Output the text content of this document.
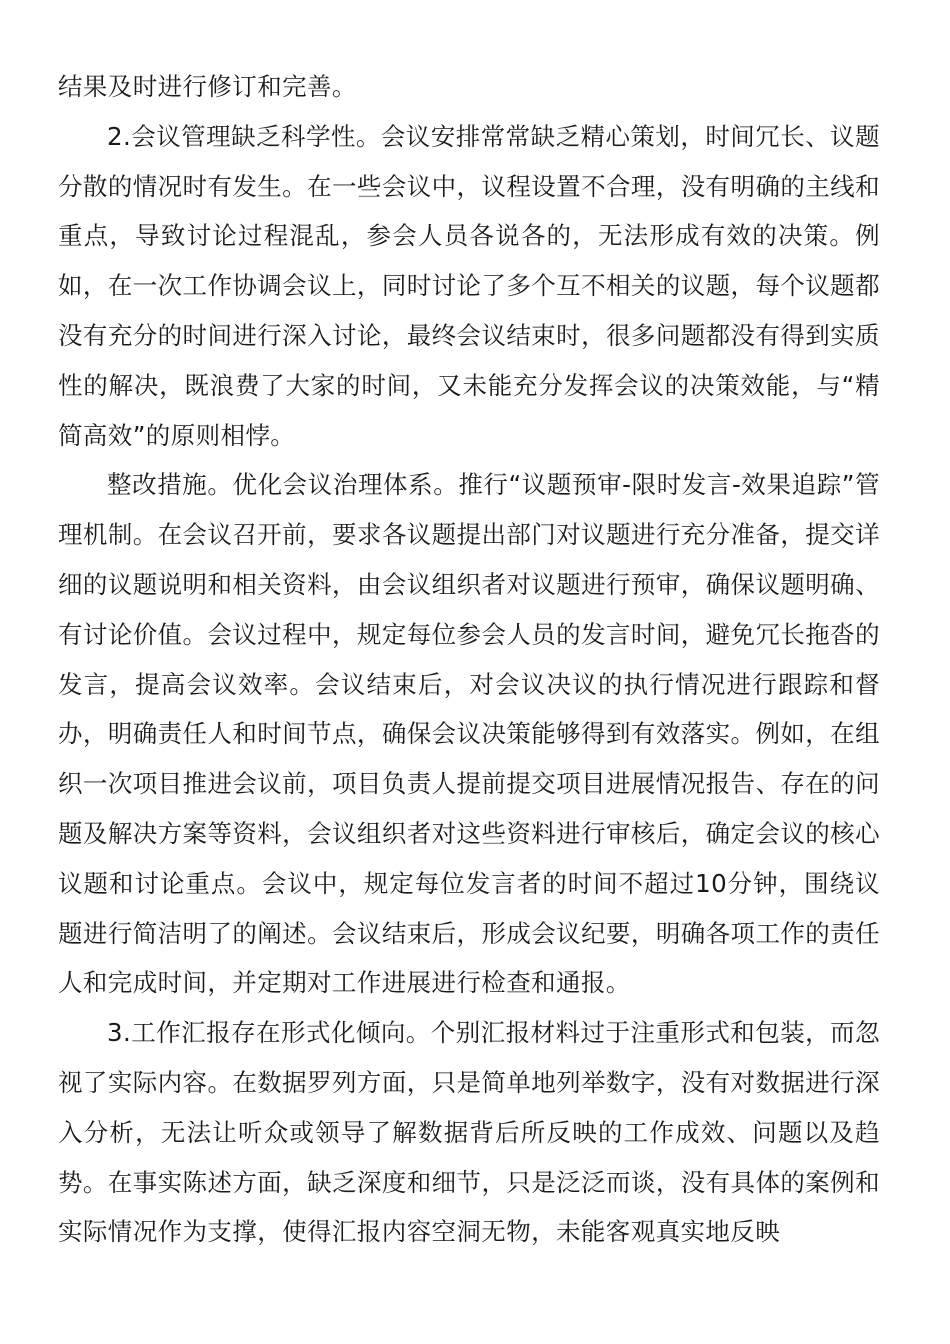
结果及时进行修订和完善。

2.会议管理缺乏科学性。会议安排常常缺乏精心策划，时间冗长、议题分散的情况时有发生。在一些会议中，议程设置不合理，没有明确的主线和重点，导致讨论过程混乱，参会人员各说各的，无法形成有效的决策。例如，在一次工作协调会议上，同时讨论了多个互不相关的议题，每个议题都没有充分的时间进行深入讨论，最终会议结束时，很多问题都没有得到实质性的解决，既浪费了大家的时间，又未能充分发挥会议的决策效能，与“精简高效”的原则相悖。

整改措施。优化会议治理体系。推行“议题预审-限时发言-效果追踪”管理机制。在会议召开前，要求各议题提出部门对议题进行充分准备，提交详细的议题说明和相关资料，由会议组织者对议题进行预审，确保议题明确、有讨论价值。会议过程中，规定每位参会人员的发言时间，避免冗长拖沓的发言，提高会议效率。会议结束后，对会议决议的执行情况进行跟踪和督办，明确责任人和时间节点，确保会议决策能够得到有效落实。例如，在组织一次项目推进会议前，项目负责人提前提交项目进展情况报告、存在的问题及解决方案等资料，会议组织者对这些资料进行审核后，确定会议的核心议题和讨论重点。会议中，规定每位发言者的时间不超过10分钟，围绕议题进行简洁明了的阐述。会议结束后，形成会议纪要，明确各项工作的责任人和完成时间，并定期对工作进展进行检查和通报。

3.工作汇报存在形式化倾向。个别汇报材料过于注重形式和包装，而忽视了实际内容。在数据罗列方面，只是简单地列举数字，没有对数据进行深入分析，无法让听众或领导了解数据背后所反映的工作成效、问题以及趋势。在事实陈述方面，缺乏深度和细节，只是泛泛而谈，没有具体的案例和实际情况作为支撑，使得汇报内容空洞无物，未能客观真实地反映
